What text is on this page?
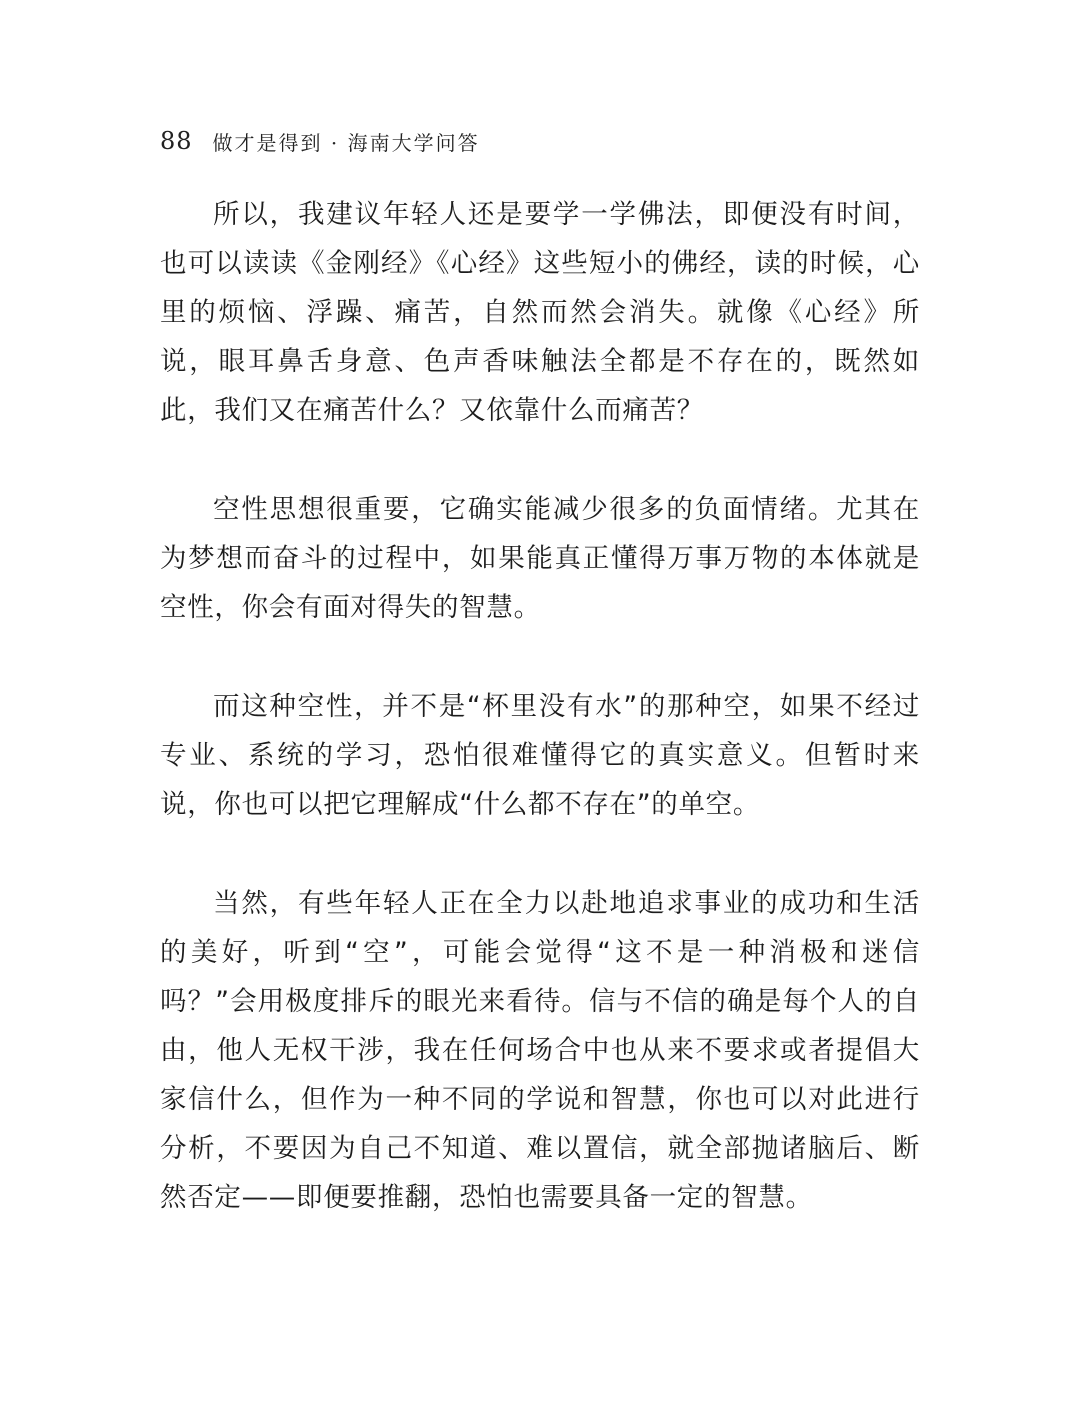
88 做才是得到 · 海南大学问答

所以，我建议年轻人还是要学一学佛法，即便没有时间，也可以读读《金刚经》《心经》这些短小的佛经，读的时候，心里的烦恼、浮躁、痛苦，自然而然会消失。就像《心经》所说，眼耳鼻舌身意、色声香味触法全都是不存在的，既然如此，我们又在痛苦什么？又依靠什么而痛苦？

空性思想很重要，它确实能减少很多的负面情绪。尤其在为梦想而奋斗的过程中，如果能真正懂得万事万物的本体就是空性，你会有面对得失的智慧。

而这种空性，并不是“杯里没有水”的那种空，如果不经过专业、系统的学习，恐怕很难懂得它的真实意义。但暂时来说，你也可以把它理解成“什么都不存在”的单空。

当然，有些年轻人正在全力以赴地追求事业的成功和生活的美好，听到“空”，可能会觉得“这不是一种消极和迷信吗？”会用极度排斥的眼光来看待。信与不信的确是每个人的自由，他人无权干涉，我在任何场合中也从来不要求或者提倡大家信什么，但作为一种不同的学说和智慧，你也可以对此进行分析，不要因为自己不知道、难以置信，就全部抛诸脑后、断然否定——即便要推翻，恐怕也需要具备一定的智慧。
